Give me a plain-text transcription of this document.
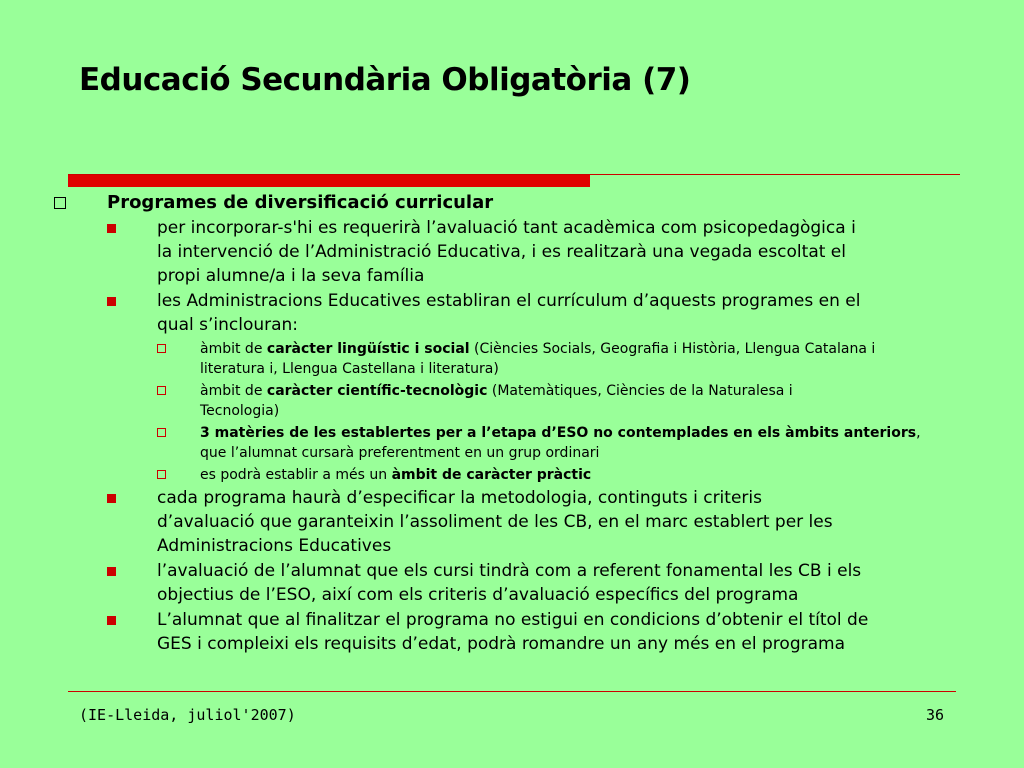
Educació Secundària Obligatòria (7)
Programes de diversificació curricular
per incorporar-s'hi es requerirà l’avaluació tant acadèmica com psicopedagògica i
la intervenció de l’Administració Educativa, i es realitzarà una vegada escoltat el
propi alumne/a i la seva família
les Administracions Educatives establiran el currículum d’aquests programes en el
qual s’inclouran:
àmbit de caràcter lingüístic i social (Ciències Socials, Geografia i Història, Llengua Catalana i
literatura i, Llengua Castellana i literatura)
àmbit de caràcter científic-tecnològic (Matemàtiques, Ciències de la Naturalesa i
Tecnologia)
3 matèries de les establertes per a l’etapa d’ESO no contemplades en els àmbits anteriors,
que l’alumnat cursarà preferentment en un grup ordinari
es podrà establir a més un àmbit de caràcter pràctic
cada programa haurà d’especificar la metodologia, continguts i criteris
d’avaluació que garanteixin l’assoliment de les CB, en el marc establert per les
Administracions Educatives
l’avaluació de l’alumnat que els cursi tindrà com a referent fonamental les CB i els
objectius de l’ESO, així com els criteris d’avaluació específics del programa
L’alumnat que al finalitzar el programa no estigui en condicions d’obtenir el títol de
GES i compleixi els requisits d’edat, podrà romandre un any més en el programa
(IE-Lleida, juliol'2007)	36
